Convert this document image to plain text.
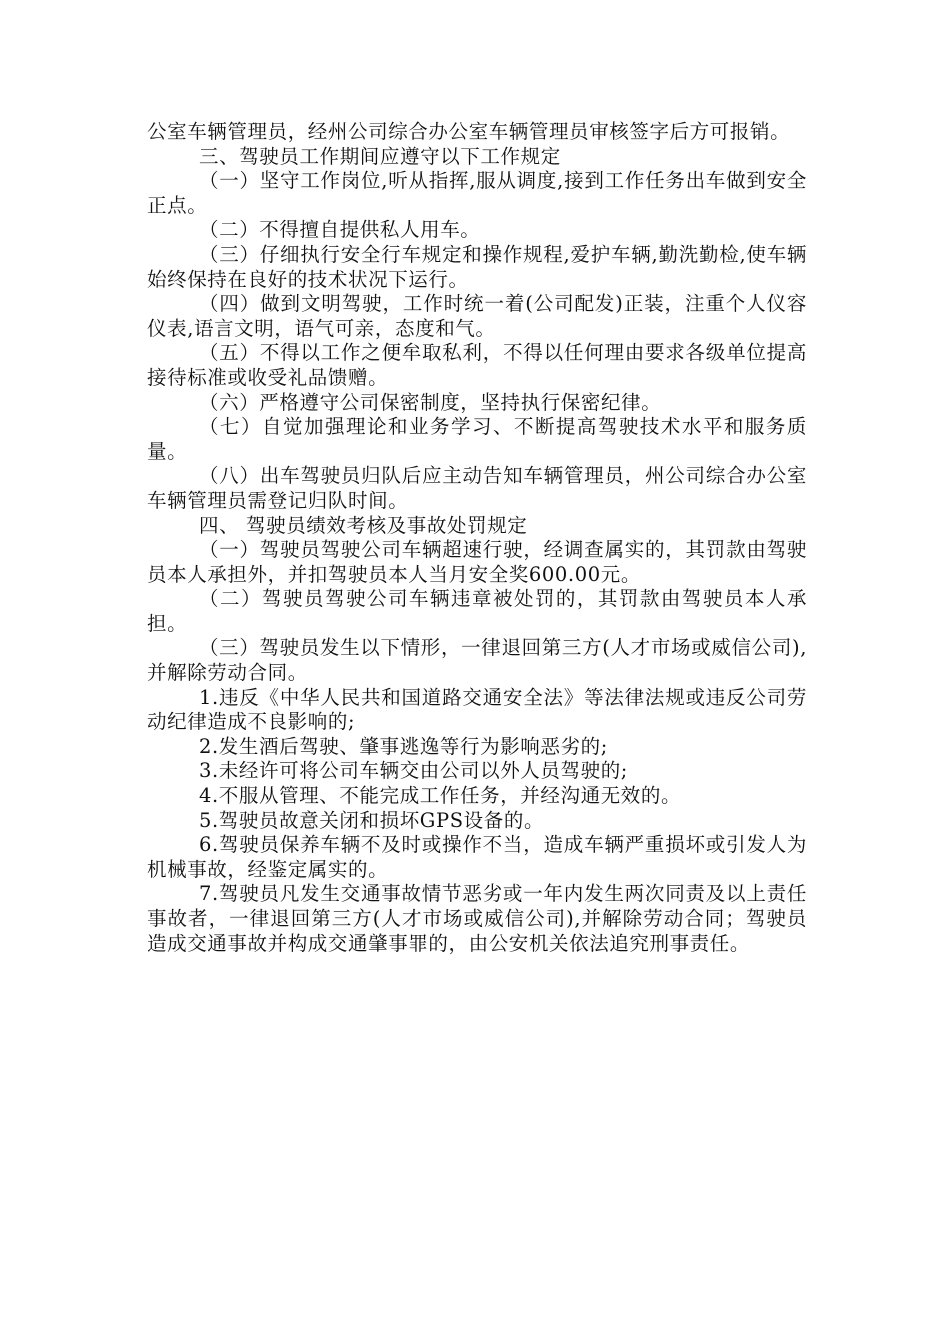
公室车辆管理员，经州公司综合办公室车辆管理员审核签字后方可报销。

三、驾驶员工作期间应遵守以下工作规定

（一）坚守工作岗位,听从指挥,服从调度,接到工作任务出车做到安全正点。

（二）不得擅自提供私人用车。

（三）仔细执行安全行车规定和操作规程,爱护车辆,勤洗勤检,使车辆始终保持在良好的技术状况下运行。

（四）做到文明驾驶，工作时统一着(公司配发)正装，注重个人仪容仪表,语言文明，语气可亲，态度和气。

（五）不得以工作之便牟取私利，不得以任何理由要求各级单位提高接待标准或收受礼品馈赠。

（六）严格遵守公司保密制度，坚持执行保密纪律。

（七）自觉加强理论和业务学习、不断提高驾驶技术水平和服务质量。

（八）出车驾驶员归队后应主动告知车辆管理员，州公司综合办公室车辆管理员需登记归队时间。

四、 驾驶员绩效考核及事故处罚规定

（一）驾驶员驾驶公司车辆超速行驶，经调查属实的，其罚款由驾驶员本人承担外，并扣驾驶员本人当月安全奖600.00元。

（二）驾驶员驾驶公司车辆违章被处罚的，其罚款由驾驶员本人承担。

（三）驾驶员发生以下情形，一律退回第三方(人才市场或威信公司),并解除劳动合同。

1.违反《中华人民共和国道路交通安全法》等法律法规或违反公司劳动纪律造成不良影响的;

2.发生酒后驾驶、肇事逃逸等行为影响恶劣的;

3.未经许可将公司车辆交由公司以外人员驾驶的;

4.不服从管理、不能完成工作任务，并经沟通无效的。

5.驾驶员故意关闭和损坏GPS设备的。

6.驾驶员保养车辆不及时或操作不当，造成车辆严重损坏或引发人为机械事故，经鉴定属实的。

7.驾驶员凡发生交通事故情节恶劣或一年内发生两次同责及以上责任事故者，一律退回第三方(人才市场或威信公司),并解除劳动合同；驾驶员造成交通事故并构成交通肇事罪的，由公安机关依法追究刑事责任。
